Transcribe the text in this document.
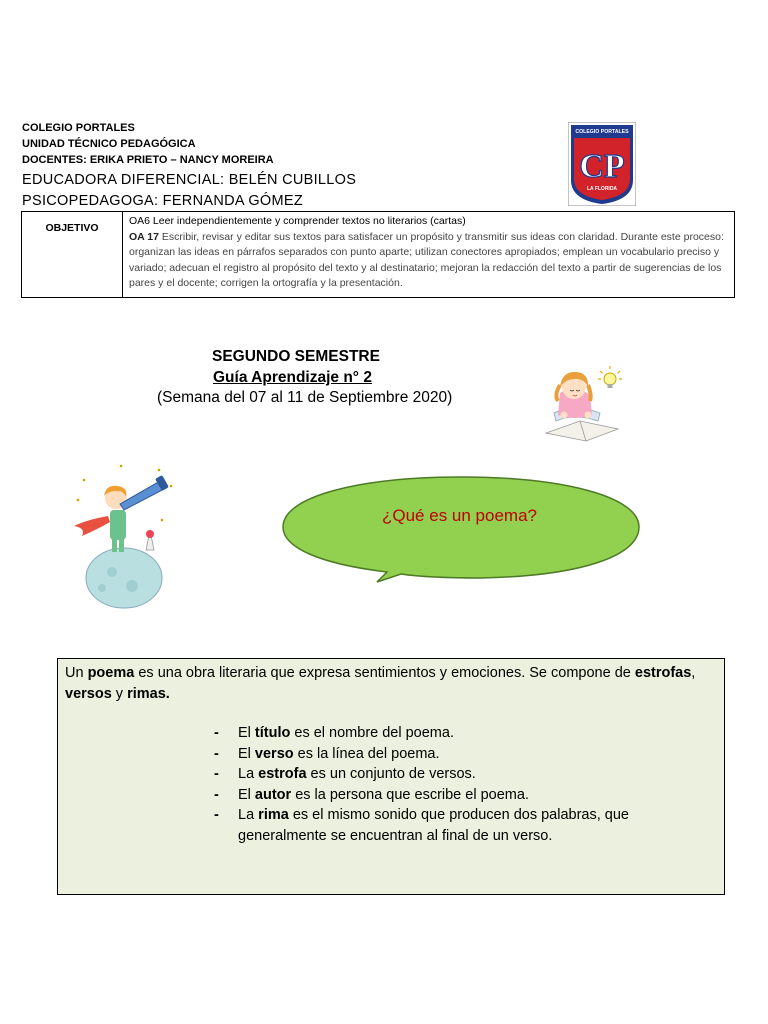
COLEGIO PORTALES
UNIDAD TÉCNICO PEDAGÓGICA
DOCENTES: ERIKA PRIETO – NANCY MOREIRA
EDUCADORA DIFERENCIAL: BELÉN CUBILLOS
PSICOPEDAGOGA: FERNANDA GÓMEZ
COLEGIO PORTALES
CP
LA FLORIDA
OBJETIVO
OA6 Leer independientemente y comprender textos no literarios (cartas)
OA 17 Escribir, revisar y editar sus textos para satisfacer un propósito y transmitir sus ideas con claridad. Durante este proceso: organizan las ideas en párrafos separados con punto aparte; utilizan conectores apropiados; emplean un vocabulario preciso y variado; adecuan el registro al propósito del texto y al destinatario; mejoran la redacción del texto a partir de sugerencias de los pares y el docente; corrigen la ortografía y la presentación.
SEGUNDO SEMESTRE
Guía Aprendizaje n° 2
(Semana del 07 al 11 de Septiembre 2020)
¿Qué es un poema?
Un poema es una obra literaria que expresa sentimientos y emociones. Se compone de estrofas, versos y rimas.
- El título es el nombre del poema.
- El verso es la línea del poema.
- La estrofa es un conjunto de versos.
- El autor es la persona que escribe el poema.
- La rima es el mismo sonido que producen dos palabras, que generalmente se encuentran al final de un verso.
